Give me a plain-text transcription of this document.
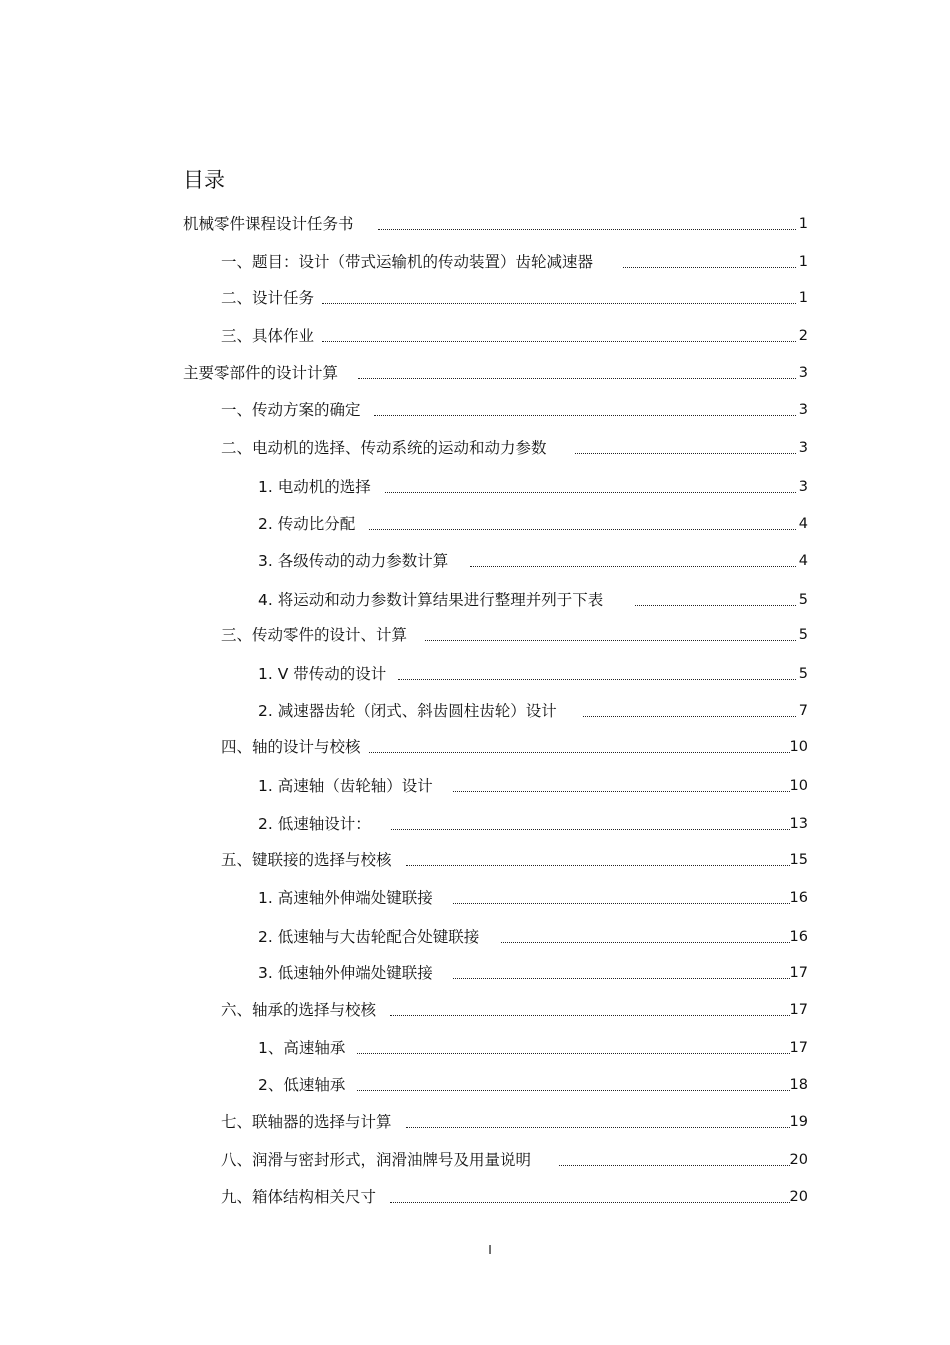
目录
机械零件课程设计任务书	1
一、题目：设计（带式运输机的传动装置）齿轮减速器	1
二、设计任务	1
三、具体作业	2
主要零部件的设计计算	3
一、传动方案的确定	3
二、电动机的选择、传动系统的运动和动力参数	3
1. 电动机的选择	3
2. 传动比分配	4
3. 各级传动的动力参数计算	4
4. 将运动和动力参数计算结果进行整理并列于下表	5
三、传动零件的设计、计算	5
1. V 带传动的设计	5
2. 减速器齿轮（闭式、斜齿圆柱齿轮）设计	7
四、轴的设计与校核	10
1. 高速轴（齿轮轴）设计	10
2. 低速轴设计：	13
五、键联接的选择与校核	15
1. 高速轴外伸端处键联接	16
2. 低速轴与大齿轮配合处键联接	16
3. 低速轴外伸端处键联接	17
六、轴承的选择与校核	17
1、高速轴承	17
2、低速轴承	18
七、联轴器的选择与计算	19
八、润滑与密封形式，润滑油牌号及用量说明	20
九、箱体结构相关尺寸	20
I
